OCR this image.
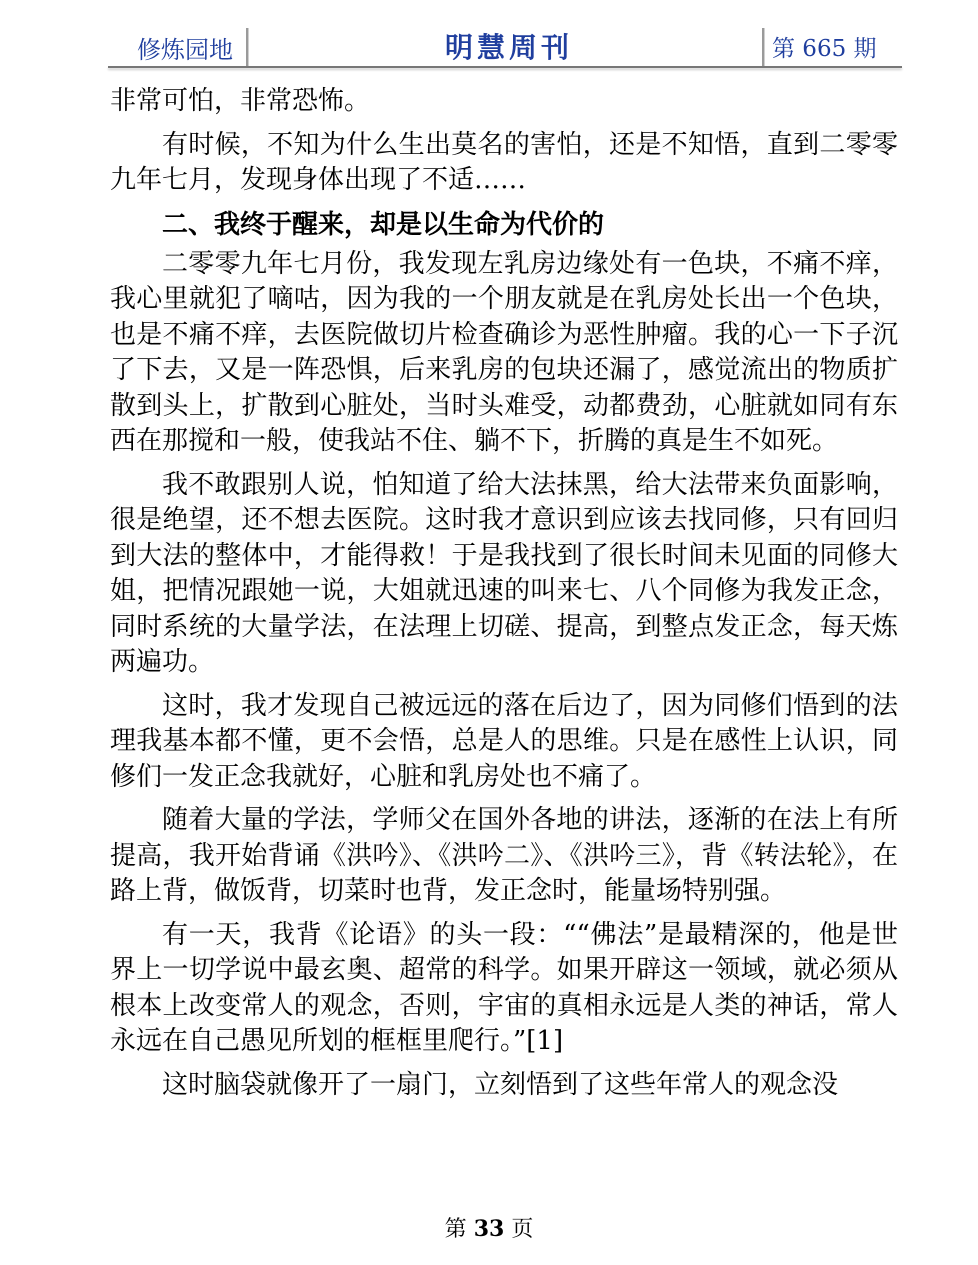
修炼园地	明慧周刊	第 665 期

非常可怕，非常恐怖。

有时候，不知为什么生出莫名的害怕，还是不知悟，直到二零零九年七月，发现身体出现了不适……

二、我终于醒来，却是以生命为代价的

二零零九年七月份，我发现左乳房边缘处有一色块，不痛不痒，我心里就犯了嘀咕，因为我的一个朋友就是在乳房处长出一个色块，也是不痛不痒，去医院做切片检查确诊为恶性肿瘤。我的心一下子沉了下去，又是一阵恐惧，后来乳房的包块还漏了，感觉流出的物质扩散到头上，扩散到心脏处，当时头难受，动都费劲，心脏就如同有东西在那搅和一般，使我站不住、躺不下，折腾的真是生不如死。

我不敢跟别人说，怕知道了给大法抹黑，给大法带来负面影响，很是绝望，还不想去医院。这时我才意识到应该去找同修，只有回归到大法的整体中，才能得救！于是我找到了很长时间未见面的同修大姐，把情况跟她一说，大姐就迅速的叫来七、八个同修为我发正念，同时系统的大量学法，在法理上切磋、提高，到整点发正念，每天炼两遍功。

这时，我才发现自己被远远的落在后边了，因为同修们悟到的法理我基本都不懂，更不会悟，总是人的思维。只是在感性上认识，同修们一发正念我就好，心脏和乳房处也不痛了。

随着大量的学法，学师父在国外各地的讲法，逐渐的在法上有所提高，我开始背诵《洪吟》、《洪吟二》、《洪吟三》，背《转法轮》，在路上背，做饭背，切菜时也背，发正念时，能量场特别强。

有一天，我背《论语》的头一段：““佛法”是最精深的，他是世界上一切学说中最玄奥、超常的科学。如果开辟这一领域，就必须从根本上改变常人的观念，否则，宇宙的真相永远是人类的神话，常人永远在自己愚见所划的框框里爬行。”[1]

这时脑袋就像开了一扇门，立刻悟到了这些年常人的观念没

第 33 页
